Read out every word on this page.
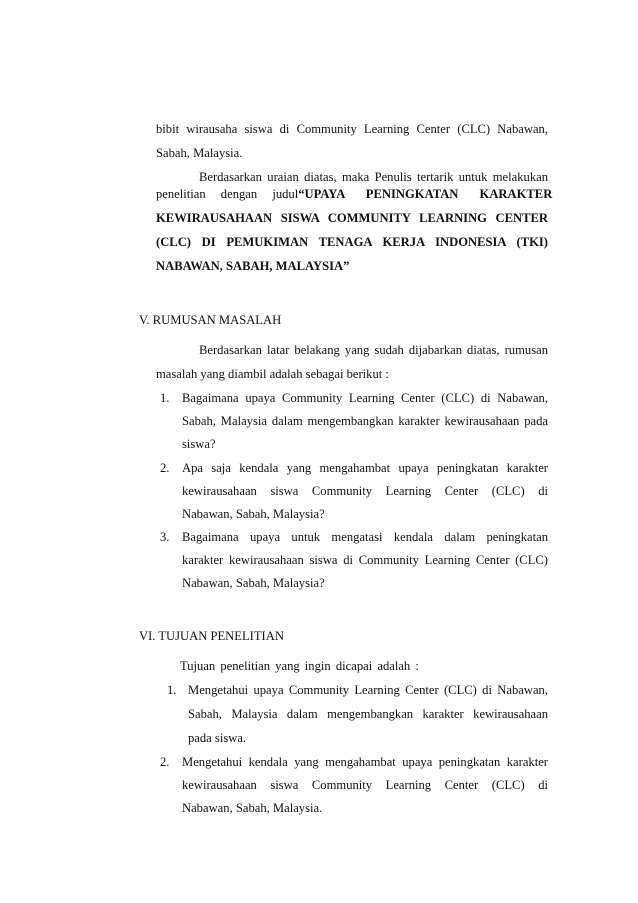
bibit wirausaha siswa di Community Learning Center (CLC) Nabawan,
Sabah, Malaysia.
Berdasarkan uraian diatas, maka Penulis tertarik untuk melakukan
penelitian dengan judul “UPAYA PENINGKATAN KARAKTER
KEWIRAUSAHAAN SISWA COMMUNITY LEARNING CENTER
(CLC) DI PEMUKIMAN TENAGA KERJA INDONESIA (TKI)
NABAWAN, SABAH, MALAYSIA”
V. RUMUSAN MASALAH
Berdasarkan latar belakang yang sudah dijabarkan diatas, rumusan
masalah yang diambil adalah sebagai berikut :
1. Bagaimana upaya Community Learning Center (CLC) di Nabawan,
Sabah, Malaysia dalam mengembangkan karakter kewirausahaan pada
siswa?
2. Apa saja kendala yang mengahambat upaya peningkatan karakter
kewirausahaan siswa Community Learning Center (CLC) di
Nabawan, Sabah, Malaysia?
3. Bagaimana upaya untuk mengatasi kendala dalam peningkatan
karakter kewirausahaan siswa di Community Learning Center (CLC)
Nabawan, Sabah, Malaysia?
VI. TUJUAN PENELITIAN
Tujuan penelitian yang ingin dicapai adalah :
1. Mengetahui upaya Community Learning Center (CLC) di Nabawan,
Sabah, Malaysia dalam mengembangkan karakter kewirausahaan
pada siswa.
2. Mengetahui kendala yang mengahambat upaya peningkatan karakter
kewirausahaan siswa Community Learning Center (CLC) di
Nabawan, Sabah, Malaysia.
